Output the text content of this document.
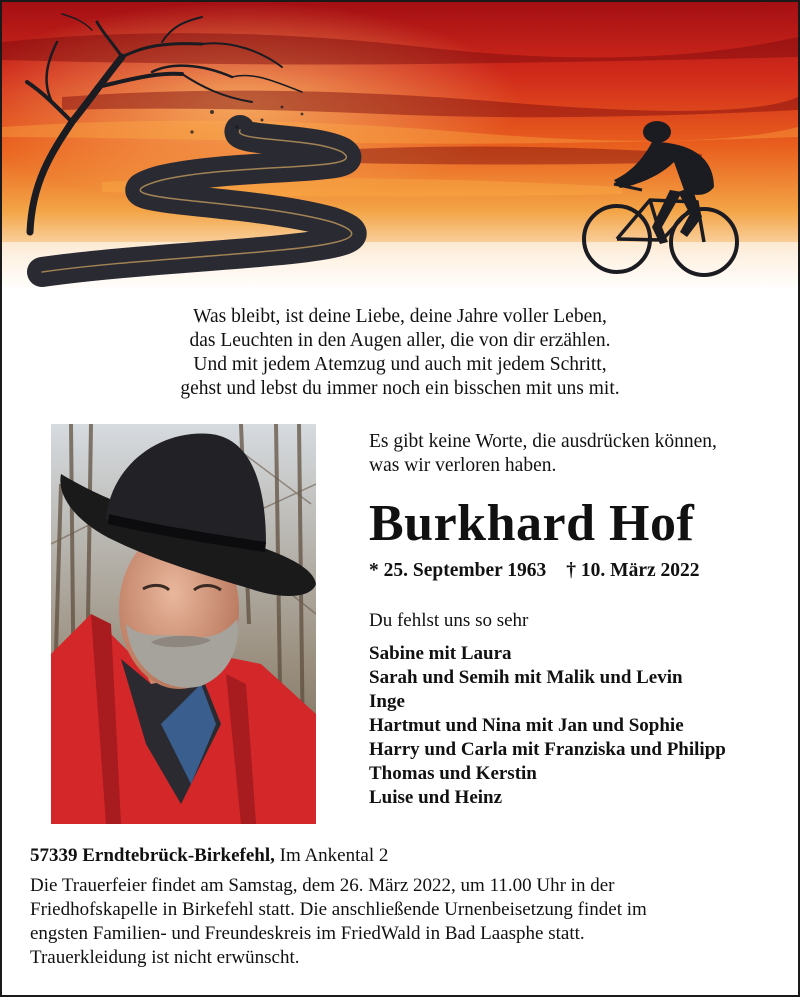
Was bleibt, ist deine Liebe, deine Jahre voller Leben,
das Leuchten in den Augen aller, die von dir erzählen.
Und mit jedem Atemzug und auch mit jedem Schritt,
gehst und lebst du immer noch ein bisschen mit uns mit.
Es gibt keine Worte, die ausdrücken können,
was wir verloren haben.
Burkhard Hof
* 25. September 1963 † 10. März 2022
Du fehlst uns so sehr
Sabine mit Laura
Sarah und Semih mit Malik und Levin
Inge
Hartmut und Nina mit Jan und Sophie
Harry und Carla mit Franziska und Philipp
Thomas und Kerstin
Luise und Heinz
57339 Erndtebrück-Birkefehl, Im Ankental 2
Die Trauerfeier findet am Samstag, dem 26. März 2022, um 11.00 Uhr in der
Friedhofskapelle in Birkefehl statt. Die anschließende Urnenbeisetzung findet im
engsten Familien- und Freundeskreis im FriedWald in Bad Laasphe statt.
Trauerkleidung ist nicht erwünscht.
